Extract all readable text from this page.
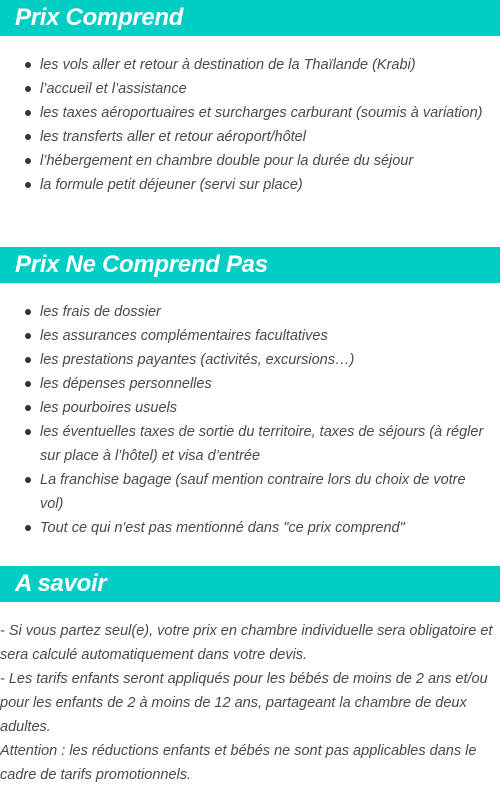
Prix Comprend
les vols aller et retour à destination de la Thaïlande (Krabi)
l’accueil et l’assistance
les taxes aéroportuaires et surcharges carburant (soumis à variation)
les transferts aller et retour aéroport/hôtel
l’hébergement en chambre double pour la durée du séjour
la formule petit déjeuner (servi sur place)
Prix Ne Comprend Pas
les frais de dossier
les assurances complémentaires facultatives
les prestations payantes (activités, excursions…)
les dépenses personnelles
les pourboires usuels
les éventuelles taxes de sortie du territoire, taxes de séjours (à régler sur place à l’hôtel) et visa d’entrée
La franchise bagage (sauf mention contraire lors du choix de votre vol)
Tout ce qui n'est pas mentionné dans "ce prix comprend"
A savoir

- Si vous partez seul(e), votre prix en chambre individuelle sera obligatoire et sera calculé automatiquement dans votre devis.

- Les tarifs enfants seront appliqués pour les bébés de moins de 2 ans et/ou pour les enfants de 2 à moins de 12 ans, partageant la chambre de deux adultes.

Attention : les réductions enfants et bébés ne sont pas applicables dans le cadre de tarifs promotionnels.
